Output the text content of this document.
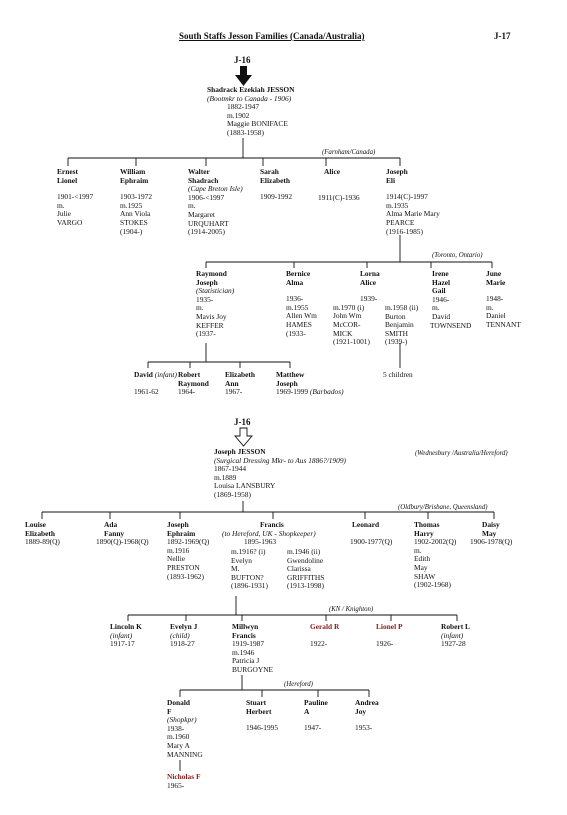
South Staffs Jesson Families (Canada/Australia)	J-17
J-16
Shadrack Ezekiah JESSON
(Bootmkr to Canada - 1906)
1882-1947
m.1902
Maggie BONIFACE
(1883-1958)
(Farnham/Canada)
Ernest
Lionel
1901-<1997
m.
Julie
VARGO
William
Ephraim
1903-1972
m.1925
Ann Viola
STOKES
(1904-)
Walter
Shadrach
(Cape Breton Isle)
1906-<1997
m.
Margaret
URQUHART
(1914-2005)
Sarah
Elizabeth
1909-1992
Alice
1911(C)-1936
Joseph
Eli
1914(C)-1997
m.1935
Alma Marie Mary
PEARCE
(1916-1985)
(Toronto, Ontario)
Raymond
Joseph
(Statistician)
1935-
m.
Mavis Joy
KEFFER
(1937-
Bernice
Alma
1936-
m.1955
Allen Wm
HAMES
(1933-
Lorna
Alice
1939-
m.1970 (i)
John Wm
McCOR-
MICK
(1921-1001)
m.1958 (ii)
Burton
Benjamin
SMITH
(1939-)
Irene
Hazel
Gail
1946-
m.
David
TOWNSEND
June
Marie
1948-
m.
Daniel
TENNANT
David (infant)
1961-62
Robert
Raymond
1964-
Elizabeth
Ann
1967-
Matthew
Joseph
1969-1999 (Barbados)
5 children
J-16
Joseph JESSON
(Surgical Dressing Mkr- to Aus 1886?/1909)
1867-1944
m.1889
Louisa LANSBURY
(1869-1958)
(Wednesbury /Australia/Hereford)
(Oldbury/Brisbane, Queensland)
Louise
Elizabeth
1889-89(Q)
Ada
Fanny
1890(Q)-1968(Q)
Joseph
Ephraim
1892-1969(Q)
m.1916
Nellie
PRESTON
(1893-1962)
Francis
(to Hereford, UK - Shopkeeper)
1895-1963
m.1916? (i)
Evelyn
M.
BUFTON?
(1896-1931)
m.1946 (ii)
Gwendoline
Clarissa
GRIFFITHS
(1913-1998)
Leonard
1900-1977(Q)
Thomas
Harry
1902-2002(Q)
m.
Edith
May
SHAW
(1902-1968)
Daisy
May
1906-1978(Q)
(KN / Knighton)
Lincoln K
(infant)
1917-17
Evelyn J
(child)
1918-27
Millwyn
Francis
1919-1987
m.1946
Patricia J
BURGOYNE
Gerald R
1922-
Lionel P
1926-
Robert L
(infant)
1927-28
(Hereford)
Donald
F
(Shopkpr)
1938-
m.1960
Mary A
MANNING
Stuart
Herbert
1946-1995
Pauline
A
1947-
Andrea
Joy
1953-
Nicholas F
1965-
